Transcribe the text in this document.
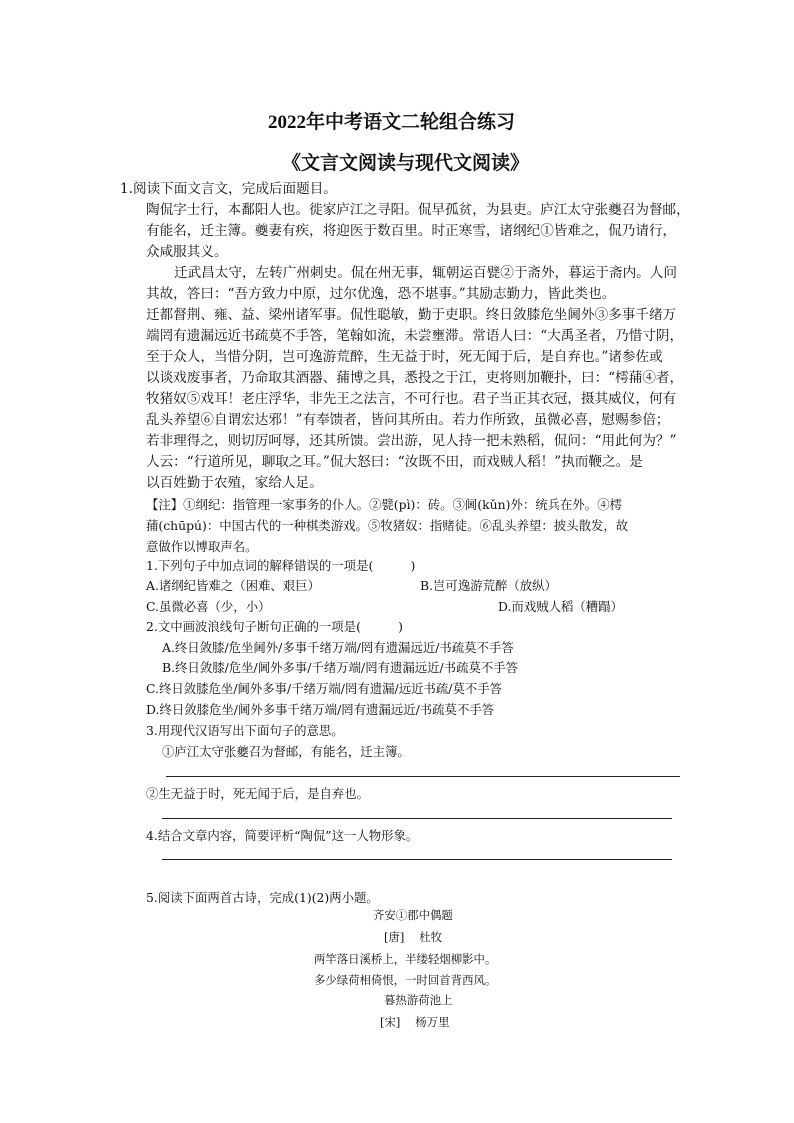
2022年中考语文二轮组合练习
《文言文阅读与现代文阅读》
1.阅读下面文言文，完成后面题目。
陶侃字士行，本鄱阳人也。徙家庐江之寻阳。侃早孤贫，为县吏。庐江太守张夔召为督邮，
有能名，迁主簿。夔妻有疾，将迎医于数百里。时正寒雪，诸纲纪①皆难之，侃乃请行，
众咸服其义。
迁武昌太守，左转广州刺史。侃在州无事，辄朝运百甓②于斋外，暮运于斋内。人问
其故，答曰：“吾方致力中原，过尔优逸，恐不堪事。”其励志勤力，皆此类也。
迁都督荆、雍、益、梁州诸军事。侃性聪敏，勤于吏职。终日敛膝危坐阃外③多事千绪万
端罔有遗漏远近书疏莫不手答，笔翰如流，未尝壅滞。常语人曰：“大禹圣者，乃惜寸阴，
至于众人，当惜分阴，岂可逸游荒醉，生无益于时，死无闻于后，是自弃也。”诸参佐或
以谈戏废事者，乃命取其酒器、蒱博之具，悉投之于江，吏将则加鞭扑，曰：“樗蒱④者，
牧猪奴⑤戏耳！老庄浮华，非先王之法言，不可行也。君子当正其衣冠，摄其威仪，何有
乱头养望⑥自谓宏达邪！”有奉馈者，皆问其所由。若力作所致，虽微必喜，慰赐参倍；
若非理得之，则切厉呵辱，还其所馈。尝出游，见人持一把未熟稻，侃问：“用此何为？”
人云：“行道所见，聊取之耳。”侃大怒曰：“汝既不田，而戏贼人稻！”执而鞭之。是
以百姓勤于农殖，家给人足。
【注】①纲纪：指管理一家事务的仆人。②甓(pì)：砖。③阃(kǔn)外：统兵在外。④樗
蒱(chūpú)：中国古代的一种棋类游戏。⑤牧猪奴：指赌徒。⑥乱头养望：披头散发，故
意做作以博取声名。
1.下列句子中加点词的解释错误的一项是(　　　)
A.诸纲纪皆难之（困难、艰巨）	B.岂可逸游荒醉（放纵）
C.虽微必喜（少，小）	D.而戏贼人稻（糟蹋）
2.文中画波浪线句子断句正确的一项是(　　　)
A.终日敛膝/危坐阃外/多事千绪万端/罔有遗漏远近/书疏莫不手答
B.终日敛膝/危坐/阃外多事/千绪万端/罔有遗漏远近/书疏莫不手答
C.终日敛膝危坐/阃外多事/千绪万端/罔有遗漏/远近书疏/莫不手答
D.终日敛膝危坐/阃外多事千绪万端/罔有遗漏远近/书疏莫不手答
3.用现代汉语写出下面句子的意思。
①庐江太守张夔召为督邮，有能名，迁主簿。
②生无益于时，死无闻于后，是自弃也。
4.结合文章内容，简要评析“陶侃”这一人物形象。
5.阅读下面两首古诗，完成(1)(2)两小题。
齐安①郡中偶题
[唐]　 杜牧
两竿落日溪桥上，半缕轻烟柳影中。
多少绿荷相倚恨，一时回首背西风。
暮热游荷池上
[宋]　 杨万里
